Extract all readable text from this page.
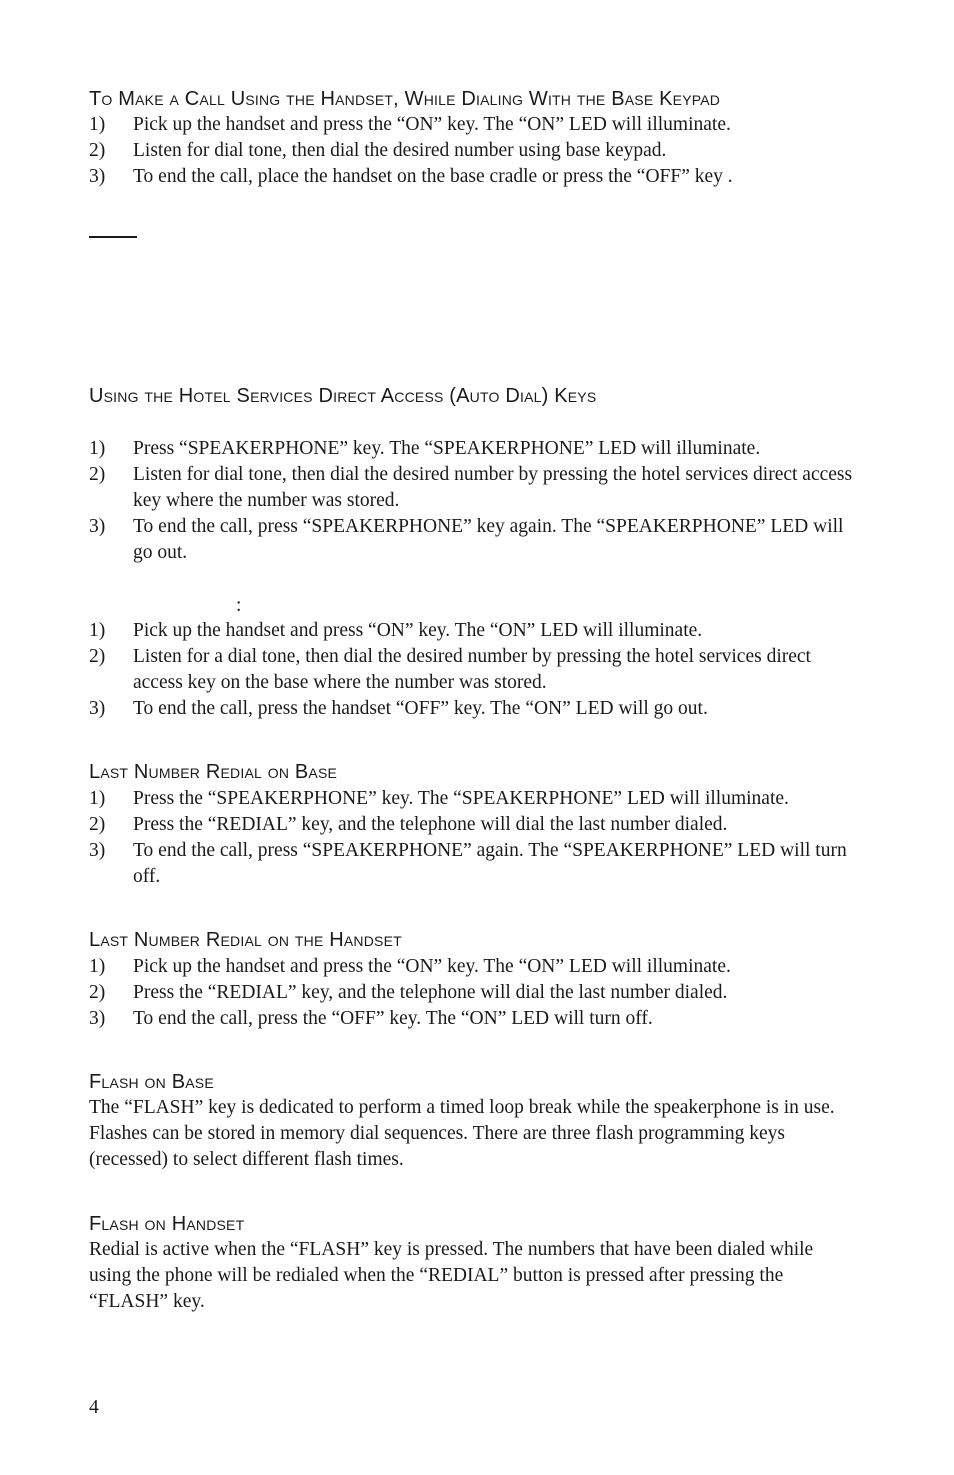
To Make a Call Using the Handset, While Dialing With the Base Keypad
1) Pick up the handset and press the “ON” key. The “ON” LED will illuminate.
2) Listen for dial tone, then dial the desired number using base keypad.
3) To end the call, place the handset on the base cradle or press the “OFF” key .
Using the Hotel Services Direct Access (Auto Dial) Keys
1) Press “SPEAKERPHONE” key. The “SPEAKERPHONE” LED will illuminate.
2) Listen for dial tone, then dial the desired number by pressing the hotel services direct access key where the number was stored.
3) To end the call, press “SPEAKERPHONE” key again. The “SPEAKERPHONE” LED will go out.
:
1) Pick up the handset and press “ON” key. The “ON” LED will illuminate.
2) Listen for a dial tone, then dial the desired number by pressing the hotel services direct access key on the base where the number was stored.
3) To end the call, press the handset “OFF” key. The “ON” LED will go out.
Last Number Redial on Base
1) Press the “SPEAKERPHONE” key. The “SPEAKERPHONE” LED will illuminate.
2) Press the “REDIAL” key, and the telephone will dial the last number dialed.
3) To end the call, press “SPEAKERPHONE” again. The “SPEAKERPHONE” LED will turn off.
Last Number Redial on the Handset
1) Pick up the handset and press the “ON” key. The “ON” LED will illuminate.
2) Press the “REDIAL” key, and the telephone will dial the last number dialed.
3) To end the call, press the “OFF” key. The “ON” LED will turn off.
Flash on Base

The “FLASH” key is dedicated to perform a timed loop break while the speakerphone is in use. Flashes can be stored in memory dial sequences. There are three flash programming keys (recessed) to select different flash times.

Flash on Handset

Redial is active when the “FLASH” key is pressed. The numbers that have been dialed while using the phone will be redialed when the “REDIAL” button is pressed after pressing the “FLASH” key.

4
